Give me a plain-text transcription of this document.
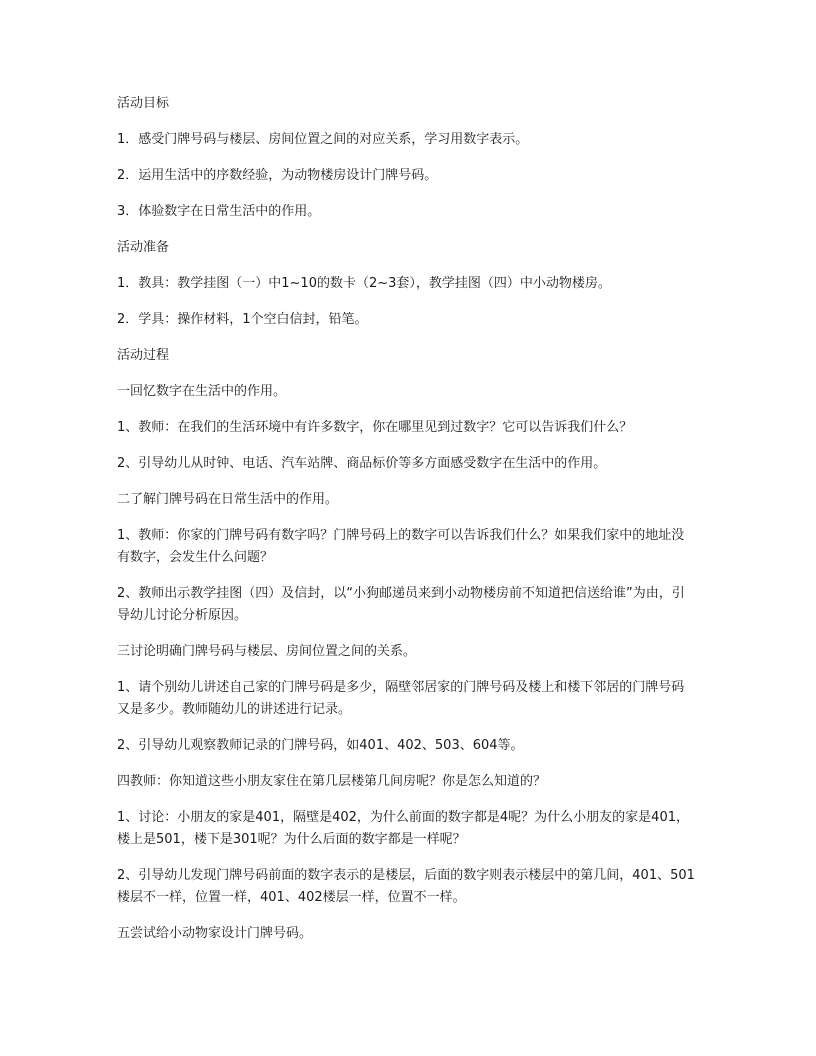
活动目标
1．感受门牌号码与楼层、房间位置之间的对应关系，学习用数字表示。
2．运用生活中的序数经验，为动物楼房设计门牌号码。
3．体验数字在日常生活中的作用。
活动准备
1．教具：教学挂图（一）中1~10的数卡（2~3套），教学挂图（四）中小动物楼房。
2．学具：操作材料，1个空白信封，铅笔。
活动过程
一回忆数字在生活中的作用。
1、教师：在我们的生活环境中有许多数字，你在哪里见到过数字？它可以告诉我们什么？
2、引导幼儿从时钟、电话、汽车站牌、商品标价等多方面感受数字在生活中的作用。
二了解门牌号码在日常生活中的作用。
1、教师：你家的门牌号码有数字吗？门牌号码上的数字可以告诉我们什么？如果我们家中的地址没有数字，会发生什么问题？
2、教师出示教学挂图（四）及信封，以“小狗邮递员来到小动物楼房前不知道把信送给谁”为由，引导幼儿讨论分析原因。
三讨论明确门牌号码与楼层、房间位置之间的关系。
1、请个别幼儿讲述自己家的门牌号码是多少，隔壁邻居家的门牌号码及楼上和楼下邻居的门牌号码又是多少。教师随幼儿的讲述进行记录。
2、引导幼儿观察教师记录的门牌号码，如401、402、503、604等。
四教师：你知道这些小朋友家住在第几层楼第几间房呢？你是怎么知道的？
1、讨论：小朋友的家是401，隔壁是402，为什么前面的数字都是4呢？为什么小朋友的家是401，楼上是501，楼下是301呢？为什么后面的数字都是一样呢？
2、引导幼儿发现门牌号码前面的数字表示的是楼层，后面的数字则表示楼层中的第几间，401、501楼层不一样，位置一样，401、402楼层一样，位置不一样。
五尝试给小动物家设计门牌号码。
